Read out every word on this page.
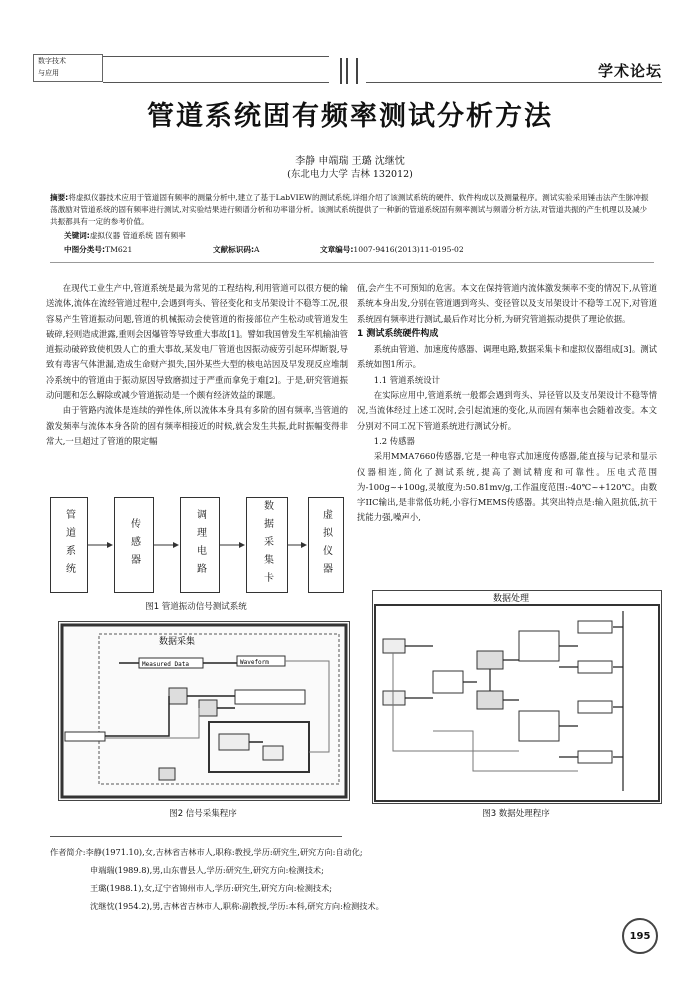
数字技术
与应用	学术论坛
管道系统固有频率测试分析方法
李静 申端瑞 王璐 沈继忱
(东北电力大学 吉林 132012)
摘要:将虚拟仪器技术应用于管道固有频率的测量分析中,建立了基于LabVIEW的测试系统,详细介绍了该测试系统的硬件、软件构成以及测量程序。测试实验采用锤击法产生脉冲振荡激励对管道系统的固有频率进行测试,对实验结果进行频谱分析和功率谱分析。该测试系统提供了一种新的管道系统固有频率测试与频谱分析方法,对管道共振的产生机理以及减少共振都具有一定的参考价值。
关键词:虚拟仪器 管道系统 固有频率
中图分类号:TM621	文献标识码:A	文章编号:1007-9416(2013)11-0195-02

在现代工业生产中,管道系统是最为常见的工程结构,利用管道可以很方便的输送流体,流体在流经管道过程中,会遇到弯头、管径变化和支吊架设计不稳等工况,很容易产生管道振动问题,管道的机械振动会使管道的衔接部位产生松动或管道发生破碎,轻则造成泄露,重则会因爆管等导致重大事故[1]。譬如我国曾发生军机输油管道振动破碎致使机毁人亡的重大事故,某发电厂管道也因振动疲劳引起环焊断裂,导致有毒害气体泄漏,造成生命财产损失,国外某些大型的核电站因及早发现反应堆制冷系统中的管道由于振动原因导致磨损过于严重而拿免于难[2]。于是,研究管道振动问题和怎么解除或减少管道振动是一个颇有经济效益的课题。

由于管路内流体是连续的弹性体,所以流体本身具有多阶的固有频率,当管道的激发频率与流体本身各阶的固有频率相接近的时候,就会发生共振,此时振幅变得非常大,一旦超过了管道的限定幅

值,会产生不可预知的危害。本文在保持管道内流体激发频率不变的情况下,从管道系统本身出发,分别在管道遇到弯头、变径管以及支吊架设计不稳等工况下,对管道系统固有频率进行测试,最后作对比分析,为研究管道振动提供了理论依据。

1 测试系统硬件构成

系统由管道、加速度传感器、调理电路,数据采集卡和虚拟仪器组成[3]。测试系统如图1所示。

1.1 管道系统设计

在实际应用中,管道系统一般都会遇到弯头、异径管以及支吊架设计不稳等情况,当流体经过上述工况时,会引起流速的变化,从而固有频率也会随着改变。本文分别对不同工况下管道系统进行测试分析。

1.2 传感器

采用MMA7660传感器,它是一种电容式加速度传感器,能直接与记录和显示仪器相连,简化了测试系统,提高了测试精度和可靠性。压电式范围为-100g~+100g,灵敏度为:50.81mv/g,工作温度范围:-40℃~+120℃。由数字IIC输出,是非常低功耗,小容行MEMS传感器。其突出特点是:输入阻抗低,抗干扰能力强,噪声小,

管道系统	传感器	调理电路	数据采集卡	虚拟仪器
图1 管道振动信号测试系统
数据采集
Measured Data	Waveform
图2 信号采集程序
数据处理
图3 数据处理程序
作者简介:李静(1971.10),女,吉林省吉林市人,职称:教授,学历:研究生,研究方向:自动化;
申端瑞(1989.8),男,山东曹县人,学历:研究生,研究方向:检测技术;
王璐(1988.1),女,辽宁省锦州市人,学历:研究生,研究方向:检测技术;
沈继忱(1954.2),男,吉林省吉林市人,职称:副教授,学历:本科,研究方向:检测技术。
195
